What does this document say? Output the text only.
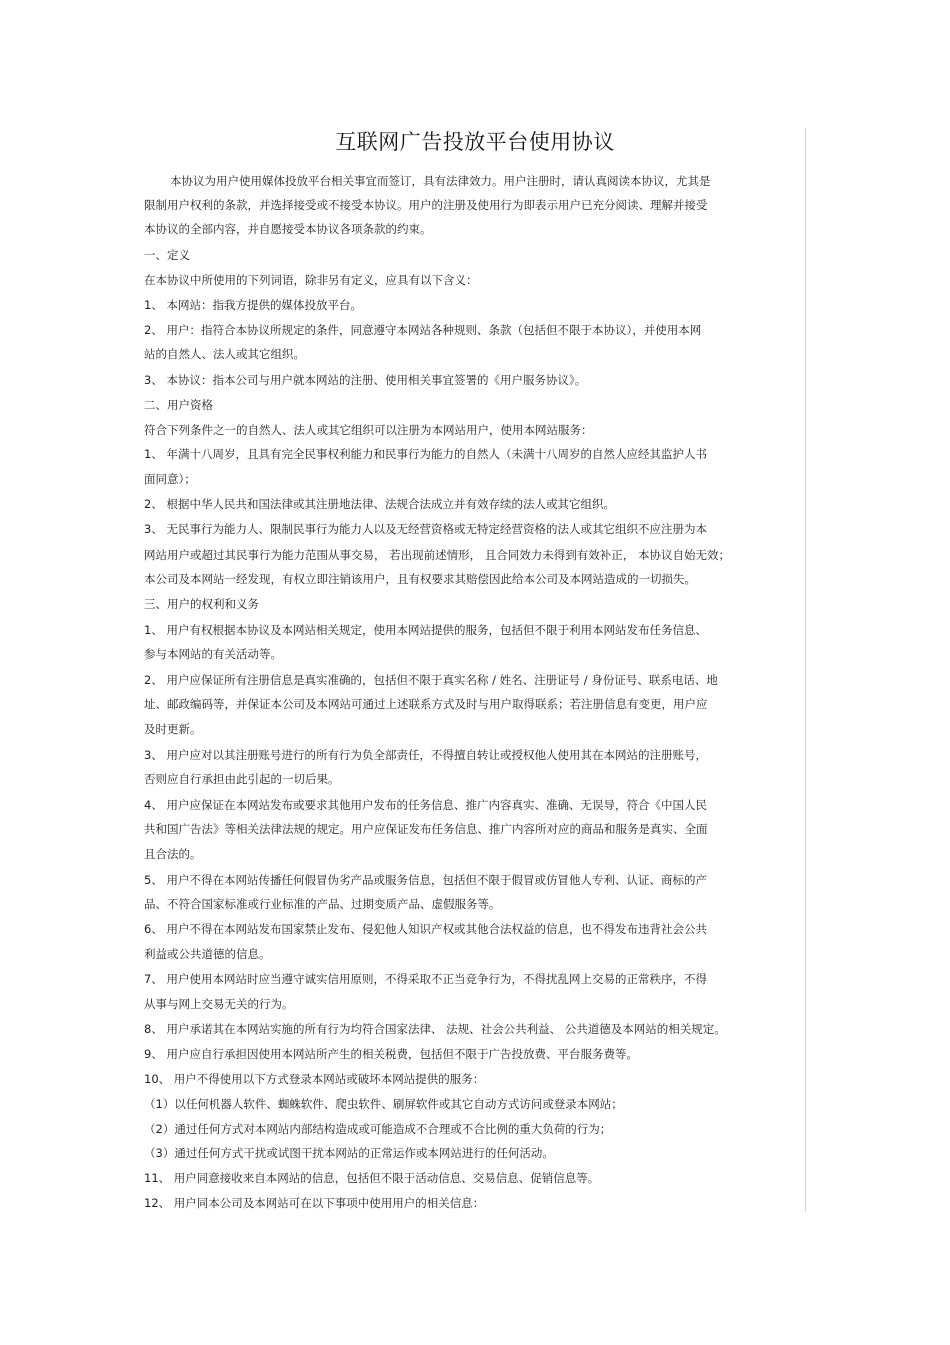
互联网广告投放平台使用协议
本协议为用户使用媒体投放平台相关事宜而签订，具有法律效力。用户注册时，请认真阅读本协议，尤其是
限制用户权利的条款，并选择接受或不接受本协议。用户的注册及使用行为即表示用户已充分阅读、理解并接受
本协议的全部内容，并自愿接受本协议各项条款的约束。
一、定义
在本协议中所使用的下列词语，除非另有定义，应具有以下含义：
1、 本网站：指我方提供的媒体投放平台。
2、 用户：指符合本协议所规定的条件，同意遵守本网站各种规则、条款（包括但不限于本协议），并使用本网
站的自然人、法人或其它组织。
3、 本协议：指本公司与用户就本网站的注册、使用相关事宜签署的《用户服务协议》。
二、用户资格
符合下列条件之一的自然人、法人或其它组织可以注册为本网站用户，使用本网站服务：
1、 年满十八周岁，且具有完全民事权利能力和民事行为能力的自然人（未满十八周岁的自然人应经其监护人书
面同意）；
2、 根据中华人民共和国法律或其注册地法律、法规合法成立并有效存续的法人或其它组织。
3、 无民事行为能力人、限制民事行为能力人以及无经营资格或无特定经营资格的法人或其它组织不应注册为本
网站用户或超过其民事行为能力范围从事交易， 若出现前述情形， 且合同效力未得到有效补正， 本协议自始无效；
本公司及本网站一经发现，有权立即注销该用户，且有权要求其赔偿因此给本公司及本网站造成的一切损失。
三、用户的权利和义务
1、 用户有权根据本协议及本网站相关规定，使用本网站提供的服务，包括但不限于利用本网站发布任务信息、
参与本网站的有关活动等。
2、 用户应保证所有注册信息是真实准确的，包括但不限于真实名称 / 姓名、注册证号 / 身份证号、联系电话、地
址、邮政编码等，并保证本公司及本网站可通过上述联系方式及时与用户取得联系；若注册信息有变更，用户应
及时更新。
3、 用户应对以其注册账号进行的所有行为负全部责任，不得擅自转让或授权他人使用其在本网站的注册账号，
否则应自行承担由此引起的一切后果。
4、 用户应保证在本网站发布或要求其他用户发布的任务信息、推广内容真实、准确、无误导，符合《中国人民
共和国广告法》等相关法律法规的规定。用户应保证发布任务信息、推广内容所对应的商品和服务是真实、全面
且合法的。
5、 用户不得在本网站传播任何假冒伪劣产品或服务信息，包括但不限于假冒或仿冒他人专利、认证、商标的产
品、不符合国家标准或行业标准的产品、过期变质产品、虚假服务等。
6、 用户不得在本网站发布国家禁止发布、侵犯他人知识产权或其他合法权益的信息，也不得发布违背社会公共
利益或公共道德的信息。
7、 用户使用本网站时应当遵守诚实信用原则，不得采取不正当竞争行为，不得扰乱网上交易的正常秩序，不得
从事与网上交易无关的行为。
8、 用户承诺其在本网站实施的所有行为均符合国家法律、 法规、社会公共利益、 公共道德及本网站的相关规定。
9、 用户应自行承担因使用本网站所产生的相关税费，包括但不限于广告投放费、平台服务费等。
10、 用户不得使用以下方式登录本网站或破坏本网站提供的服务：
（1）以任何机器人软件、蜘蛛软件、爬虫软件、刷屏软件或其它自动方式访问或登录本网站；
（2）通过任何方式对本网站内部结构造成或可能造成不合理或不合比例的重大负荷的行为；
（3）通过任何方式干扰或试图干扰本网站的正常运作或本网站进行的任何活动。
11、 用户同意接收来自本网站的信息，包括但不限于活动信息、交易信息、促销信息等。
12、 用户同本公司及本网站可在以下事项中使用用户的相关信息：
